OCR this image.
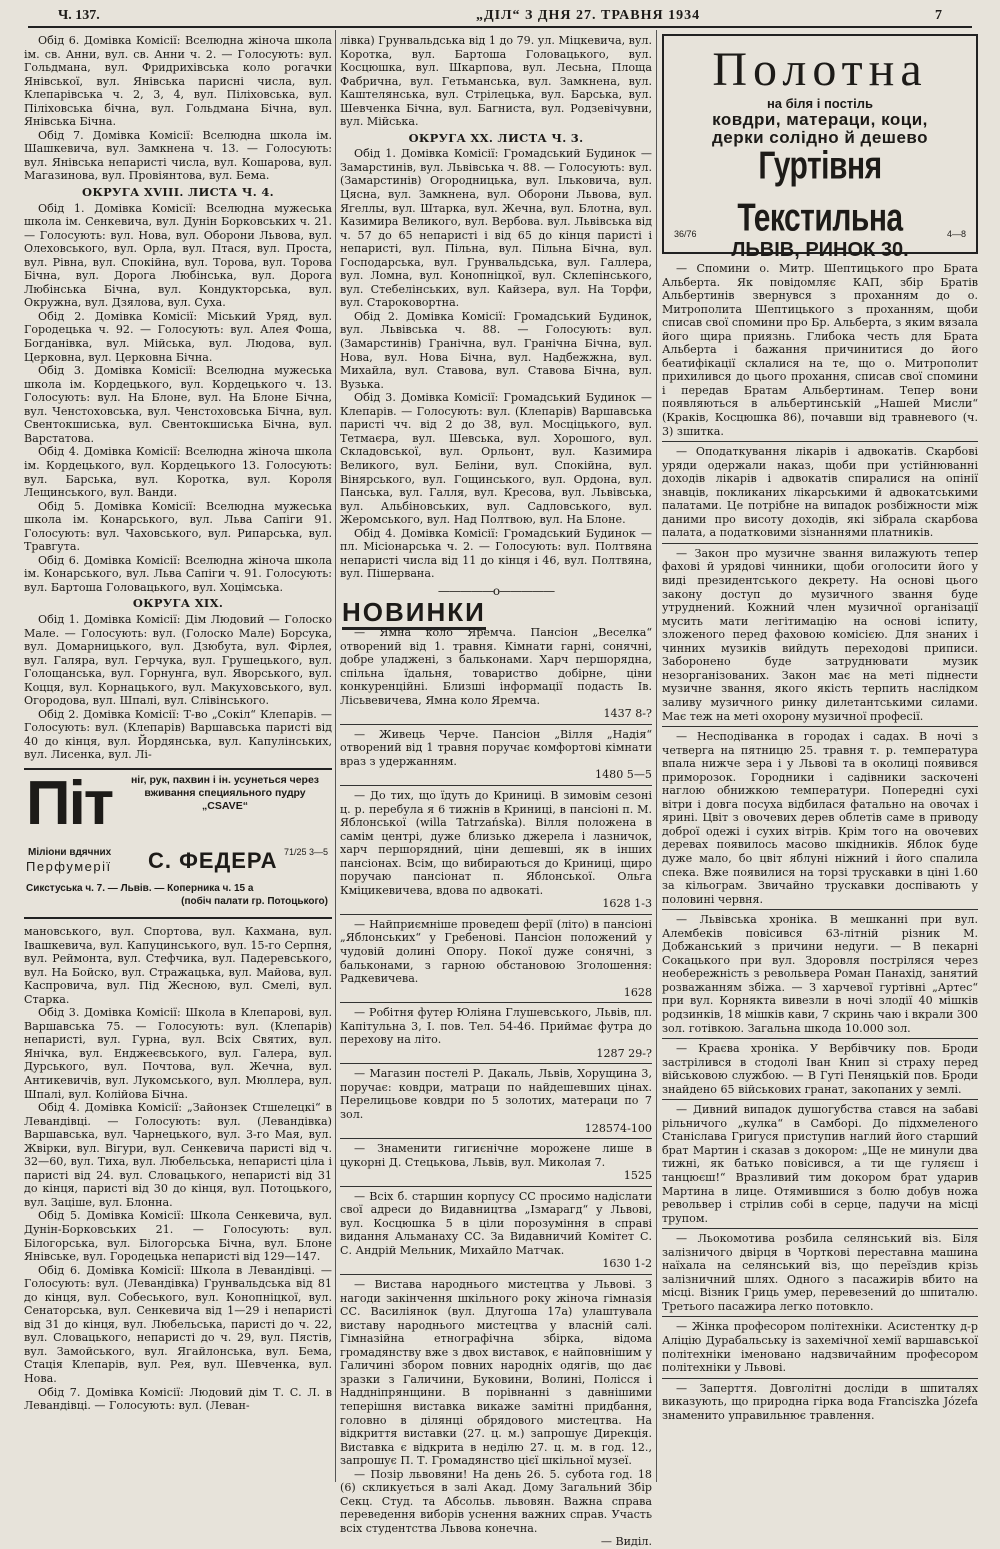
Ч. 137.	„ДІЛ“ З ДНЯ 27. ТРАВНЯ 1934	7

Обід 6. Домівка Комісії: Вселюдна жіноча школа ім. св. Анни, вул. св. Анни ч. 2. — Голосують: вул. Гольдмана, вул. Фридрихівська коло рогачки Янівської, вул. Янівська парисні числа, вул. Клепарівська ч. 2, 3, 4, вул. Піліховська, вул. Піліховська бічна, вул. Гольдмана Бічна, вул. Янівська Бічна.

Обід 7. Домівка Комісії: Вселюдна школа ім. Шашкевича, вул. Замкнена ч. 13. — Голосують: вул. Янівська непаристі числа, вул. Кошарова, вул. Магазинова, вул. Провіянтова, вул. Бема.

ОКРУГА XVIII. ЛИСТА Ч. 4.

Обід 1. Домівка Комісії: Вселюдна мужеська школа ім. Сенкевича, вул. Дунін Борковських ч. 21. — Голосують: вул. Нова, вул. Оборони Львова, вул. Олеховського, вул. Орла, вул. Птася, вул. Проста, вул. Рівна, вул. Спокійна, вул. Торова, вул. Торова Бічна, вул. Дорога Любінська, вул. Дорога Любінська Бічна, вул. Кондукторська, вул. Окружна, вул. Дзялова, вул. Суха.

Обід 2. Домівка Комісії: Міський Уряд, вул. Городецька ч. 92. — Голосують: вул. Алея Фоша, Богданівка, вул. Мійська, вул. Людова, вул. Церковна, вул. Церковна Бічна.

Обід 3. Домівка Комісії: Вселюдна мужеська школа ім. Кордецького, вул. Кордецького ч. 13. Голосують: вул. На Блоне, вул. На Блоне Бічна, вул. Ченстоховська, вул. Ченстоховська Бічна, вул. Свентокшиська, вул. Свентокшиська Бічна, вул. Варстатова.

Обід 4. Домівка Комісії: Вселюдна жіноча школа ім. Кордецького, вул. Кордецького 13. Голосують: вул. Барська, вул. Коротка, вул. Короля Лещинського, вул. Ванди.

Обід 5. Домівка Комісії: Вселюдна мужеська школа ім. Конарського, вул. Льва Сапіги 91. Голосують: вул. Чаховського, вул. Рипарська, вул. Травгута.

Обід 6. Домівка Комісії: Вселюдна жіноча школа ім. Конарського, вул. Льва Сапіги ч. 91. Голосують: вул. Бартоша Головацького, вул. Хоцімська.

ОКРУГА XIX.

Обід 1. Домівка Комісії: Дім Людовий — Голоско Мале. — Голосують: вул. (Голоско Мале) Борсука, вул. Домарницького, вул. Дзюбута, вул. Фірлея, вул. Галяра, вул. Герчука, вул. Грушецького, вул. Голощанська, вул. Горнунга, вул. Яворського, вул. Коцця, вул. Корнацького, вул. Макуховського, вул. Огородова, вул. Шпалі, вул. Слівінського.

Обід 2. Домівка Комісії: Т-во „Сокіл“ Клепарів. — Голосують: вул. (Клепарів) Варшавська паристі від 40 до кінця, вул. Йордянська, вул. Капулінських, вул. Лисенка, вул. Лі-

Піт	ніг, рук, пахвин і ін. усунеться через вживання специяльного пудру „CSAVE“
Міліони вдячних	71/25 3—5
Перфумерії С. ФЕДЕРА
Сикстуська ч. 7. — Львів. — Коперника ч. 15 а
(побіч палати гр. Потоцького)

мановського, вул. Спортова, вул. Кахмана, вул. Івашкевича, вул. Капуцинського, вул. 15-го Серпня, вул. Реймонта, вул. Стефчика, вул. Падеревського, вул. На Бойско, вул. Стражацька, вул. Майова, вул. Каспровича, вул. Під Жесною, вул. Смелі, вул. Старка.

Обід 3. Домівка Комісії: Школа в Клепарові, вул. Варшавська 75. — Голосують: вул. (Клепарів) непаристі, вул. Гурна, вул. Всіх Святих, вул. Янічка, вул. Енджеєвського, вул. Галера, вул. Дурського, вул. Почтова, вул. Жечна, вул. Антикевичів, вул. Лукомського, вул. Мюллера, вул. Шпалі, вул. Колійова Бічна.

Обід 4. Домівка Комісії: „Зайонзек Стшелецкі“ в Левандівці. — Голосують: вул. (Левандівка) Варшавська, вул. Чарнецького, вул. 3-го Мая, вул. Жвірки, вул. Вігури, вул. Сенкевича паристі від ч. 32—60, вул. Тиха, вул. Любельська, непаристі ціла і паристі від 24. вул. Словацького, непаристі від 31 до кінця, паристі від 30 до кінця, вул. Потоцького, вул. Заціше, вул. Блонна.

Обід 5. Домівка Комісії: Школа Сенкевича, вул. Дунін-Борковських 21. — Голосують: вул. Білогорська, вул. Білогорська Бічна, вул. Блоне Янівське, вул. Городецька непаристі від 129—147.

Обід 6. Домівка Комісії: Школа в Левандівці. — Голосують: вул. (Левандівка) Грунвальдська від 81 до кінця, вул. Собеського, вул. Конопніцкої, вул. Сенаторська, вул. Сенкевича від 1—29 і непаристі від 31 до кінця, вул. Любельська, паристі до ч. 22, вул. Словацького, непаристі до ч. 29, вул. Пястів, вул. Замойського, вул. Ягайлонська, вул. Бема, Стація Клепарів, вул. Рея, вул. Шевченка, вул. Нова.

Обід 7. Домівка Комісії: Людовий дім Т. С. Л. в Левандівці. — Голосують: вул. (Леван-

лівка) Грунвальдська від 1 до 79. ул. Міцкевича, вул. Коротка, вул. Бартоша Головацького, вул. Косцюшка, вул. Шкарпова, вул. Лесьна, Площа Фабрична, вул. Гетьманська, вул. Замкнена, вул. Каштелянська, вул. Стрілецька, вул. Барська, вул. Шевченка Бічна, вул. Багниста, вул. Родзевічувни, вул. Мійська.

ОКРУГА XX. ЛИСТА Ч. 3.

Обід 1. Домівка Комісії: Громадський Будинок — Замарстинів, вул. Львівська ч. 88. — Голосують: вул. (Замарстинів) Огородницька, вул. Ільковича, вул. Цясна, вул. Замкнена, вул. Оборони Львова, вул. Ягеллы, вул. Штарка, вул. Жечна, вул. Блотна, вул. Казимира Великого, вул. Вербова. вул. Львівська від ч. 57 до 65 непаристі і від 65 до кінця паристі і непаристі, вул. Пільна, вул. Пільна Бічна, вул. Господарська, вул. Грунвальдська, вул. Галлера, вул. Ломна, вул. Конопніцкої, вул. Склепінського, вул. Стебелінських, вул. Кайзера, вул. На Торфи, вул. Староковортна.

Обід 2. Домівка Комісії: Громадський Будинок, вул. Львівська ч. 88. — Голосують: вул. (Замарстинів) Гранічна, вул. Гранічна Бічна, вул. Нова, вул. Нова Бічна, вул. Надбежжна, вул. Михайла, вул. Ставова, вул. Ставова Бічна, вул. Вузька.

Обід 3. Домівка Комісії: Громадський Будинок — Клепарів. — Голосують: вул. (Клепарів) Варшавська паристі чч. від 2 до 38, вул. Мосціцького, вул. Тетмаєра, вул. Шевська, вул. Хорошого, вул. Складовської, вул. Орльонт, вул. Казимира Великого, вул. Беліни, вул. Спокійна, вул. Вінярського, вул. Гощинського, вул. Ордона, вул. Панська, вул. Галля, вул. Кресова, вул. Львівська, вул. Альбіновських, вул. Садловського, вул. Жеромського, вул. Над Полтвою, вул. На Блоне.

Обід 4. Домівка Комісії: Громадський Будинок — пл. Місіонарська ч. 2. — Голосують: вул. Полтвяна непаристі числа від 11 до кінця і 46, вул. Полтвяна, вул. Пішервана.

—————o—————
НОВИНКИ

— Ямна коло Яремча. Пансіон „Веселка“ отворений від 1. травня. Кімнати гарні, сонячні, добре уладжені, з бальконами. Харч першорядна, спільна їдальня, товариство добірне, ціни конкуренційні. Близші інформації подасть Ів. Лісьвевичева, Ямна коло Яремча.

1437 8-?

— Живець Черче. Пансіон „Вілля „Надія“ отворений від 1 травня поручає комфортові кімнати враз з удержанням.

1480 5—5

— До тих, що їдуть до Криниці. В зимовім сезоні ц. р. перебула я 6 тижнів в Криниці, в пансіоні п. М. Яблонської (willa Tatrzańska). Вілля положена в самім центрі, дуже близько джерела і лазничок, харч першорядний, ціни дешевші, як в інших пансіонах. Всім, що вибираються до Криниці, щиро поручаю пансіонат п. Яблонської. Ольга Кміцикевичева, вдова по адвокаті.

1628 1-3

— Найприємніше проведеш ферії (літо) в пансіоні „Яблонських“ у Гребенові. Пансіон положений у чудовій долині Опору. Покої дуже сонячні, з бальконами, з гарною обстановою Зголошення: Радкевичева.

1628

— Робітня футер Юліяна Глушевського, Львів, пл. Капітульна 3, І. пов. Тел. 54-46. Приймає футра до перехову на літо.

1287 29-?

— Магазин постелі Р. Дакаль, Львів, Хорущина 3, поручає: ковдри, матраци по найдешевших цінах. Перелицьове ковдри по 5 золотих, матераци по 7 зол.

128574-100

— Знаменити гигиєнічне морожене лише в цукорні Д. Стецькова, Львів, вул. Миколая 7.

1525

— Всіх б. старшин корпусу СС просимо надіслати свої адреси до Видавництва „Ізмарагд“ у Львові, вул. Косцюшка 5 в ціли порозуміння в справі видання Альманаху СС. За Видавничий Комітет С. С. Андрій Мельник, Михайло Матчак.

1630 1-2

— Вистава народнього мистецтва у Львові. З нагоди закінчення шкільного року жіноча гімназія СС. Василіянок (вул. Длугоша 17а) улаштувала виставу народнього мистецтва у власній салі. Гімназійна етнографічна збірка, відома громадянству вже з двох виставок, є найповнішим у Галичині збором повних народніх одягів, що дає зразки з Галичини, Буковини, Волині, Полісся і Наддніпрянщини. В порівнанні з давнішими теперішня виставка викаже замітні придбання, головно в ділянці обрядового мистецтва. На відкриття виставки (27. ц. м.) запрошує Дирекція. Виставка є відкрита в неділю 27. ц. м. в год. 12., запрошує П. Т. Громадянство цієї шкільної музеї.

— Позір львовяни! На день 26. 5. субота год. 18 (6) скликується в залі Акад. Дому Загальний Збір Секц. Студ. та Абсольв. львовян. Важна справа переведення виборів уснення важних справ. Участь всіх студентства Львова конечна.

— Виділ.
Полотна
на біля і постіль
ковдри, матераци, коци,
дерки солідно й дешево
Гуртівня Текстильна
ЛЬВІВ, РИНОК 30.
36/76	4—8

— Спомини о. Митр. Шептицького про Брата Альберта. Як повідомляє КАП, збір Братів Альбертинів звернувся з проханням до о. Митрополита Шептицького з проханням, щоби списав свої спомини про Бр. Альберта, з яким вязала його щира приязнь. Глибока честь для Брата Альберта і бажання причинитися до його беатифікації склалися на те, що о. Митрополит прихилився до цього прохання, списав свої спомини і передав Братам Альбертинам. Тепер вони появляються в альбертинській „Нашей Мисли“ (Краків, Косцюшка 86), почавши від травневого (ч. 3) зшитка.

— Оподаткування лікарів і адвокатів. Скарбові уряди одержали наказ, щоби при устійнюванні доходів лікарів і адвокатів спиралися на опінії знавців, покликаних лікарськими й адвокатськими палатами. Це потрібне на випадок розбіжности між даними про висоту доходів, які зібрала скарбова палата, а податковими зізнаннями платників.

— Закон про музичне звання вилажують тепер фахові й урядові чинники, щоби оголосити його у виді президентського декрету. На основі цього закону доступ до музичного звання буде утруднений. Кожний член музичної організації мусить мати легітимацію на основі іспиту, зложеного перед фаховою комісією. Для знаних і чинних музиків вийдуть переходові приписи. Заборонено буде затруднювати музик незорганізованих. Закон має на меті піднести музичне звання, якого якість терпить наслідком заливу музичного ринку дилетантськими силами. Має теж на меті охорону музичної професії.

— Несподіванка в городах і садах. В ночі з четверга на пятницю 25. травня т. р. температура впала нижче зера і у Львові та в околиці появився приморозок. Городники і садівники заскочені наглою обнижкою температури. Попередні сухі вітри і довга посуха відбилася фатально на овочах і ярині. Цвіт з овочевих дерев облетів саме в приводу доброї одежі і сухих вітрів. Крім того на овочевих деревах появилось масово шкідників. Яблок буде дуже мало, бо цвіт яблуні ніжний і його спалила спека. Вже появилися на торзі трускавки в ціні 1.60 за кільограм. Звичайно трускавки доспівають у половині червня.

— Львівська хроніка. В мешканні при вул. Алембеків повісився 63-літній різник М. Добжанський з причини недуги. — В пекарні Сокацького при вул. Здоровля постріляся через необережність з револьвера Роман Панахід, занятий розважанням збіжа. — З харчевої гуртівні „Артес“ при вул. Корнякта вивезли в ночі злодії 40 мішків родзинків, 18 мішків кави, 7 скринь чаю і вкрали 300 зол. готівкою. Загальна шкода 10.000 зол.

— Краєва хроніка. У Вербівчику пов. Броди застрілився в стодолі Іван Книп зі страху перед військовою службою. — В Гуті Пеняцькій пов. Броди знайдено 65 військових гранат, закопаних у землі.

— Дивний випадок душогубства стався на забаві рільничого „кулка“ в Самборі. До підхмеленого Станіслава Григуся приступив наглий його старший брат Мартин і сказав з докором: „Ще не минули два тижні, як батько повісився, а ти ще гуляєш і танцюєш!“ Вразливий тим докором брат ударив Мартина в лице. Отямившися з болю добув ножа револьвер і стрілив собі в серце, падучи на місці трупом.

— Льокомотива розбила селянський віз. Біля залізничого двірця в Чорткові переставна машина наїхала на селянський віз, що переїздив крізь залізничний шлях. Одного з пасажирів вбито на місці. Візник Гриць умер, перевезений до шпиталю. Третього пасажира легко потовкло.

— Жінка професором політехніки. Асистентку д-р Аліцію Дурабальську із захемічної хемії варшавської політехніки іменовано надзвичайним професором політехніки у Львові.

— Заперття. Довголітні досліди в шпиталях виказують, що природна гірка вода Franciszka Józefa знаменито управильнює травлення.
